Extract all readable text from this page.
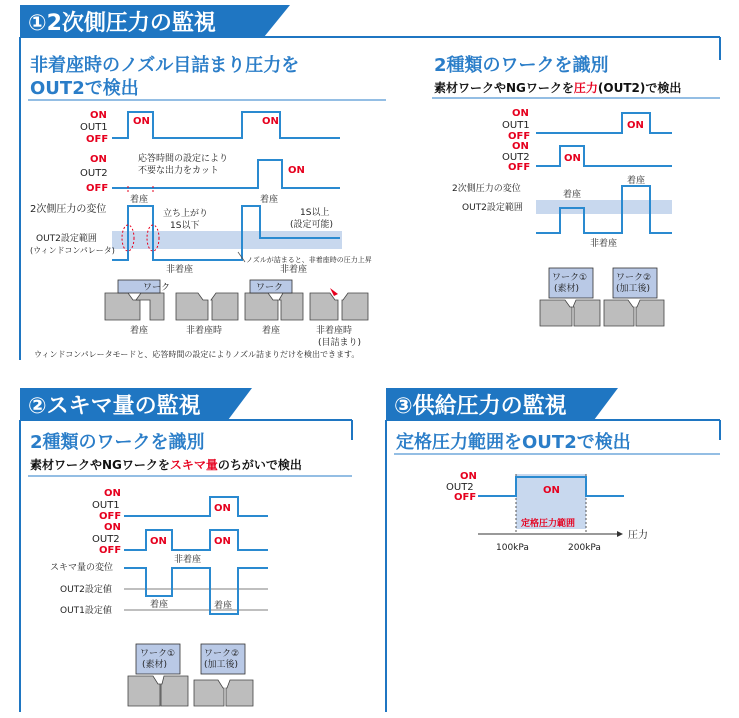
①2次側圧力の監視
非着座時のノズル目詰まり圧力を
OUT2で検出
ON
OUT1
OFF
ON	ON
ON
OUT2
OFF
ON
応答時間の設定により
不要な出力をカット
2次側圧力の変位
OUT2設定範囲
(ウィンドコンパレータ)
着座	着座
立ち上がり
1S以下
1S以上
(設定可能)
非着座	非着座
ノズルが詰まると、非着座時の圧力上昇
ワーク	ワーク
着座	非着座時	着座	非着座時
(目詰まり)
ウィンドコンパレータモードと、応答時間の設定によりノズル詰まりだけを検出できます。
2種類のワークを識別
素材ワークやNGワークを圧力(OUT2)で検出
ON
OUT1
OFF
ON
ON
OUT2
OFF
ON
2次側圧力の変位
OUT2設定範囲
着座
着座
非着座
ワーク①
(素材)
ワーク②
(加工後)
②スキマ量の監視
2種類のワークを識別
素材ワークやNGワークをスキマ量のちがいで検出
ON
OUT1
OFF
ON
ON
OUT2
OFF
ON	ON
非着座
スキマ量の変位
OUT2設定値
OUT1設定値
着座	着座
ワーク①
(素材)
ワーク②
(加工後)
③供給圧力の監視
定格圧力範囲をOUT2で検出
ON
OUT2
OFF
ON
定格圧力範囲
圧力
100kPa	200kPa
